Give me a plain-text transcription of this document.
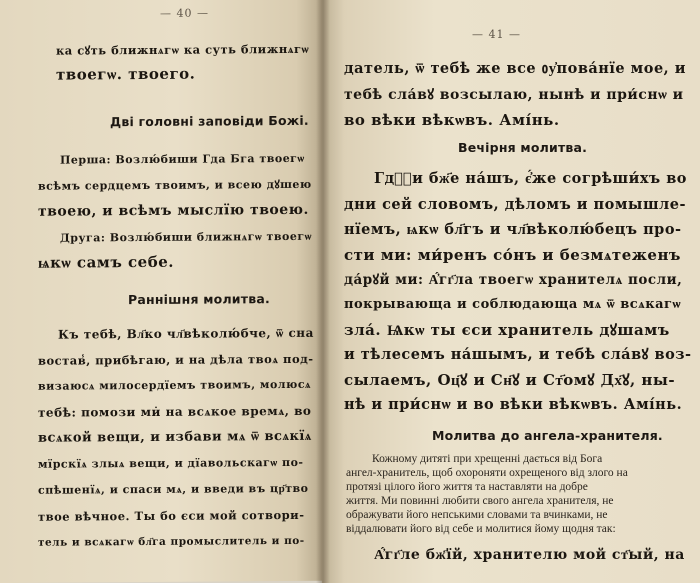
— 40 —
ка сꙋть ближнѧгѡ ка суть ближнѧгѡ
твоегѡ. твоего.
Дві головні заповіди Божі.
Перша: Возлю́биши Гда Бга твоегѡ
всѣмъ сердцемъ твоимъ, и всею дꙋшею
твоею, и всѣмъ мыслїю твоею.
Друга: Возлю́биши ближнѧгѡ твоегѡ
ѩкѡ самъ себе.
Раннішня молитва.
Къ тебѣ, Вл҃ко чл҃вѣколю́бче, ѿ сна
востав̾, прибѣгаю, и на дѣла твоѧ под-
визаюсѧ милосердїемъ твоимъ, молюсѧ
тебѣ: помози ми̇ на всѧкое времѧ, во
всѧкой вещи, и избави мѧ ѿ всѧкїѧ
мїрскїѧ злыѧ вещи, и дїавольскагѡ по-
спѣшенїѧ, и спаси мѧ, и введи въ цр҃тво
твое вѣчное. Ты бо єси мой сотвори-
тель и всѧкагѡ бл҃га промыслитель и по-
— 41 —
датель, ѿ тебѣ же все ᲂу҆пова́нїе мое, и
тебѣ сла́вꙋ возсылаю, нынѣ и при́снѡ и
во вѣки вѣкѡвъ. Амі́нь.
Вечірня молитва.
Гдⷭ҇и бж҃е на́шъ, є҆́же согрѣши́хъ во
дни сей словомъ, дѣломъ и помышле-
нїемъ, ѩкѡ бл҃гъ и чл҃вѣколю́бецъ про-
сти ми: ми́ренъ со́нъ и безмѧтеженъ
да́рꙋй ми: А҆́гг҃ла твоегѡ хранителѧ посли,
покрывающа и соблюдающа мѧ ѿ всѧкагѡ
зла́. Ѩкѡ ты єси хранитель дꙋшамъ
и тѣлесемъ на́шымъ, и тебѣ сла́вꙋ воз-
сылаемъ, Оц҃ꙋ и Сн҃ꙋ и Ст҃омꙋ Дх҃ꙋ, ны-
нѣ и при́снѡ и во вѣки вѣкѡвъ. Амі́нь.
Молитва до ангела-хранителя.
Кожному дитяті при хрещенні дається від Бога
ангел-хранитель, щоб охороняти охрещеного від злого на
протязі цілого його життя та наставляти на добре
життя. Ми повинні любити свого ангела хранителя, не
ображувати його непськими словами та вчинками, не
віддалювати його від себе и молитися йому щодня так:
А҆́гг҃ле бж҃їй, хранителю мой ст҃ый, на
